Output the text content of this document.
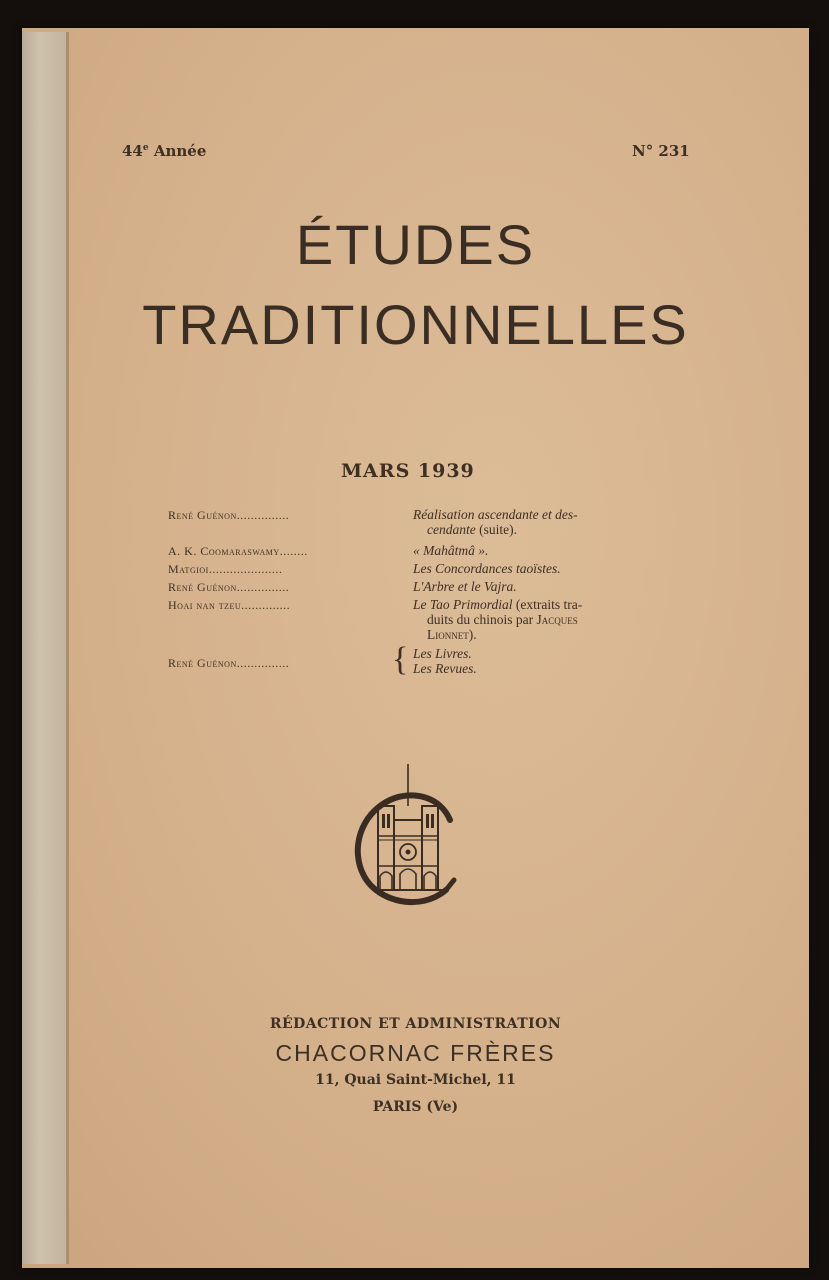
44e Année	N° 231
ÉTUDES
TRADITIONNELLES
MARS 1939
René Guénon...............	Réalisation ascendante et des-
cendante (suite).
A. K. Coomaraswamy........	« Mahâtmâ ».
Matgioi.....................	Les Concordances taoïstes.
René Guénon...............	L'Arbre et le Vajra.
Hoai nan tzeu..............	Le Tao Primordial (extraits tra-
duits du chinois par Jacques
Lionnet).
René Guénon...............	{ Les Livres.
Les Revues.
RÉDACTION ET ADMINISTRATION
CHACORNAC FRÈRES
11, Quai Saint-Michel, 11
PARIS (Ve)
